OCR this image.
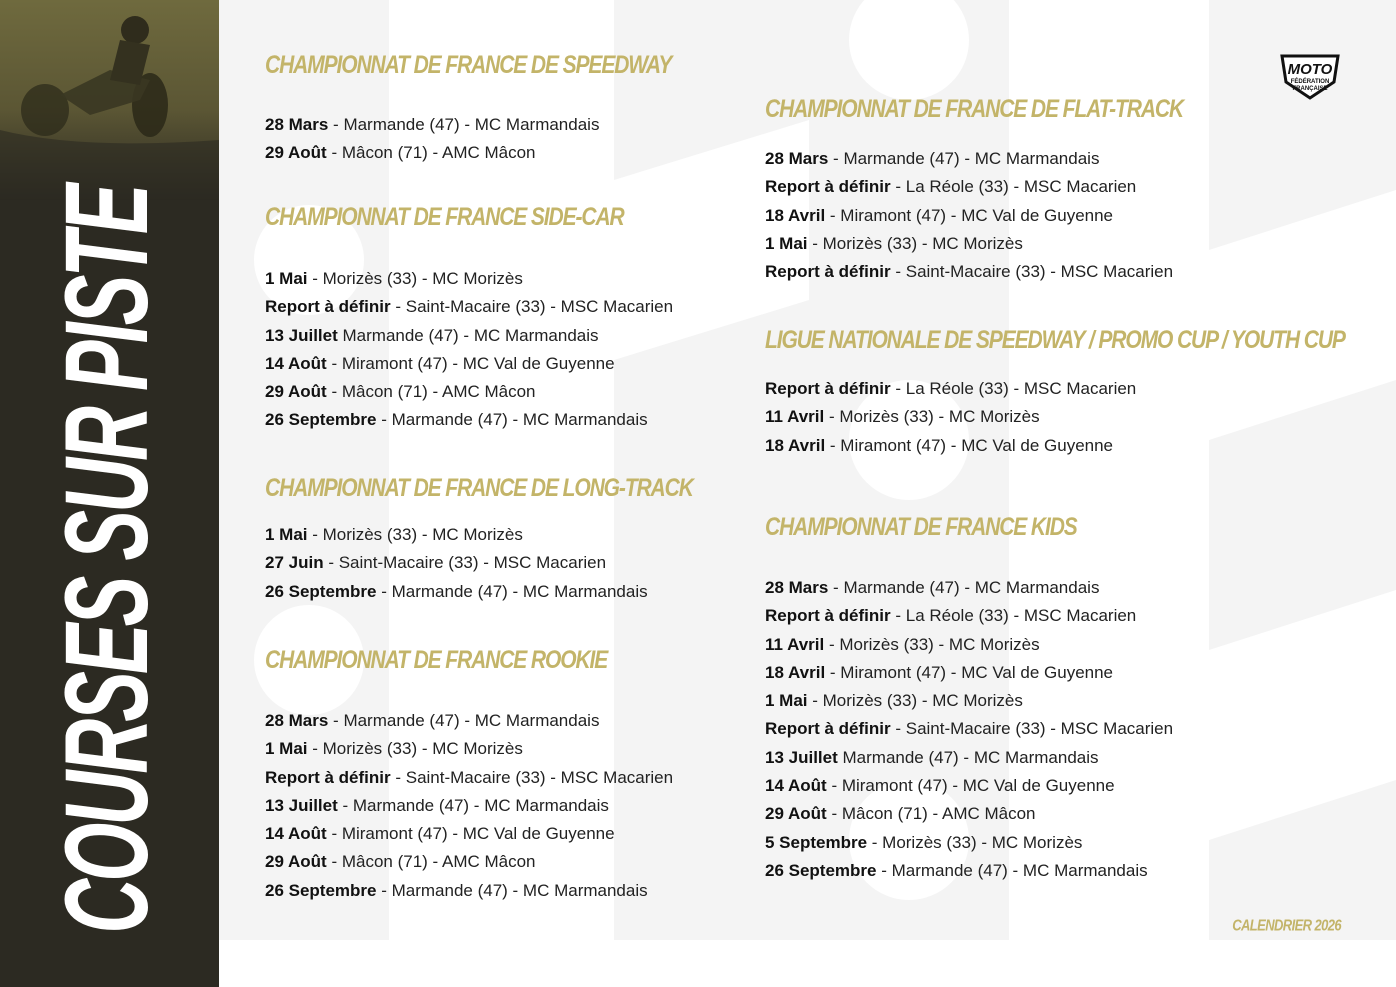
COURSES SUR PISTE
MOTO
FÉDÉRATION
FRANÇAISE
CHAMPIONNAT DE FRANCE DE SPEEDWAY
28 Mars - Marmande (47) - MC Marmandais
29 Août - Mâcon (71) - AMC Mâcon
CHAMPIONNAT DE FRANCE SIDE-CAR
1 Mai - Morizès (33) - MC Morizès
Report à définir - Saint-Macaire (33) - MSC Macarien
13 Juillet Marmande (47) - MC Marmandais
14 Août - Miramont (47) - MC Val de Guyenne
29 Août - Mâcon (71) - AMC Mâcon
26 Septembre - Marmande (47) - MC Marmandais
CHAMPIONNAT DE FRANCE DE LONG-TRACK
1 Mai - Morizès (33) - MC Morizès
27 Juin - Saint-Macaire (33) - MSC Macarien
26 Septembre - Marmande (47) - MC Marmandais
CHAMPIONNAT DE FRANCE ROOKIE
28 Mars - Marmande (47) - MC Marmandais
1 Mai - Morizès (33) - MC Morizès
Report à définir - Saint-Macaire (33) - MSC Macarien
13 Juillet - Marmande (47) - MC Marmandais
14 Août - Miramont (47) - MC Val de Guyenne
29 Août - Mâcon (71) - AMC Mâcon
26 Septembre - Marmande (47) - MC Marmandais
CHAMPIONNAT DE FRANCE DE FLAT-TRACK
28 Mars - Marmande (47) - MC Marmandais
Report à définir - La Réole (33) - MSC Macarien
18 Avril - Miramont (47) - MC Val de Guyenne
1 Mai - Morizès (33) - MC Morizès
Report à définir - Saint-Macaire (33) - MSC Macarien
LIGUE NATIONALE DE SPEEDWAY / PROMO CUP / YOUTH CUP
Report à définir - La Réole (33) - MSC Macarien
11 Avril - Morizès (33) - MC Morizès
18 Avril - Miramont (47) - MC Val de Guyenne
CHAMPIONNAT DE FRANCE KIDS
28 Mars - Marmande (47) - MC Marmandais
Report à définir - La Réole (33) - MSC Macarien
11 Avril - Morizès (33) - MC Morizès
18 Avril - Miramont (47) - MC Val de Guyenne
1 Mai - Morizès (33) - MC Morizès
Report à définir - Saint-Macaire (33) - MSC Macarien
13 Juillet Marmande (47) - MC Marmandais
14 Août - Miramont (47) - MC Val de Guyenne
29 Août - Mâcon (71) - AMC Mâcon
5 Septembre - Morizès (33) - MC Morizès
26 Septembre - Marmande (47) - MC Marmandais
CALENDRIER 2026
